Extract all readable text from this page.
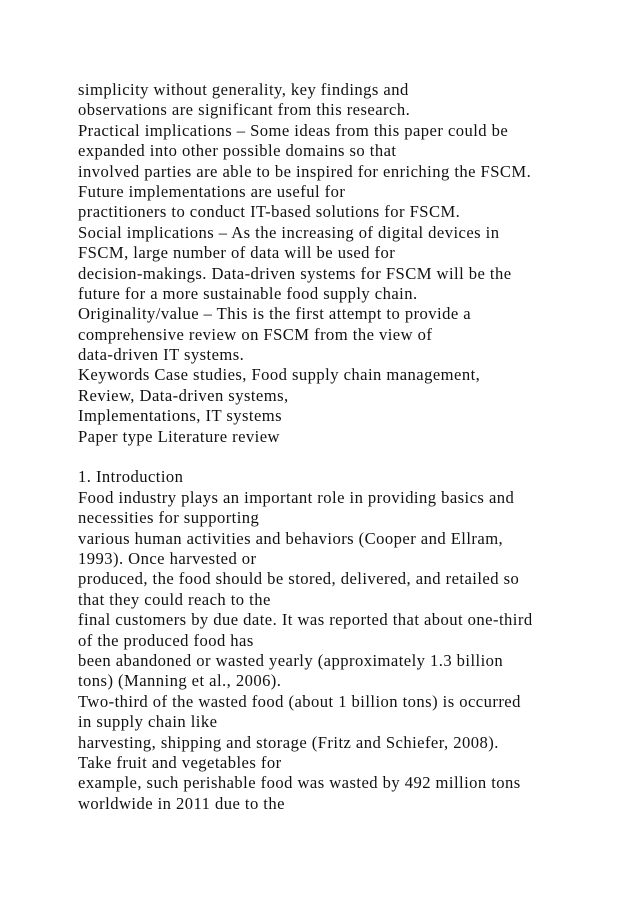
simplicity without generality, key findings and
observations are significant from this research.
Practical implications – Some ideas from this paper could be
expanded into other possible domains so that
involved parties are able to be inspired for enriching the FSCM.
Future implementations are useful for
practitioners to conduct IT-based solutions for FSCM.
Social implications – As the increasing of digital devices in
FSCM, large number of data will be used for
decision-makings. Data-driven systems for FSCM will be the
future for a more sustainable food supply chain.
Originality/value – This is the first attempt to provide a
comprehensive review on FSCM from the view of
data-driven IT systems.
Keywords Case studies, Food supply chain management,
Review, Data-driven systems,
Implementations, IT systems
Paper type Literature review
1. Introduction
Food industry plays an important role in providing basics and
necessities for supporting
various human activities and behaviors (Cooper and Ellram,
1993). Once harvested or
produced, the food should be stored, delivered, and retailed so
that they could reach to the
final customers by due date. It was reported that about one-third
of the produced food has
been abandoned or wasted yearly (approximately 1.3 billion
tons) (Manning et al., 2006).
Two-third of the wasted food (about 1 billion tons) is occurred
in supply chain like
harvesting, shipping and storage (Fritz and Schiefer, 2008).
Take fruit and vegetables for
example, such perishable food was wasted by 492 million tons
worldwide in 2011 due to the
